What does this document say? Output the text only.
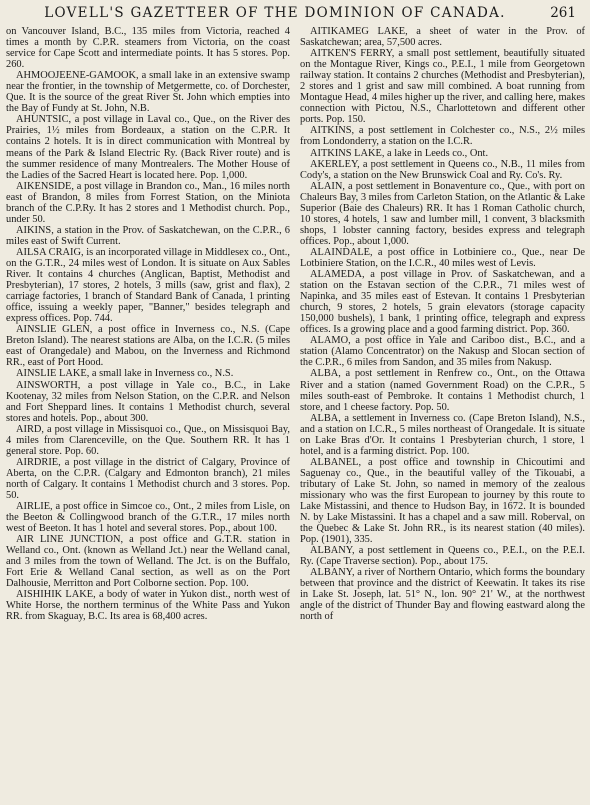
LOVELL'S GAZETTEER OF THE DOMINION OF CANADA.	261

on Vancouver Island, B.C., 135 miles from Victoria, reached 4 times a month by C.P.R. steamers from Victoria, on the coast service for Cape Scott and intermediate points. It has 5 stores. Pop. 260.

AHMOOJEENE-GAMOOK, a small lake in an extensive swamp near the frontier, in the township of Metgermette, co. of Dorchester, Que. It is the source of the great River St. John which empties into the Bay of Fundy at St. John, N.B.

AHUNTSIC, a post village in Laval co., Que., on the River des Prairies, 1½ miles from Bordeaux, a station on the C.P.R. It contains 2 hotels. It is in direct communication with Montreal by means of the Park & Island Electric Ry. (Back River route) and is the summer residence of many Montrealers. The Mother House of the Ladies of the Sacred Heart is located here. Pop. 1,000.

AIKENSIDE, a post village in Brandon co., Man., 16 miles north east of Brandon, 8 miles from Forrest Station, on the Miniota branch of the C.P.Ry. It has 2 stores and 1 Methodist church. Pop., under 50.

AIKINS, a station in the Prov. of Saskatchewan, on the C.P.R., 6 miles east of Swift Current.

AILSA CRAIG, is an incorporated village in Middlesex co., Ont., on the G.T.R., 24 miles west of London. It is situate on Aux Sables River. It contains 4 churches (Anglican, Baptist, Methodist and Presbyterian), 17 stores, 2 hotels, 3 mills (saw, grist and flax), 2 carriage factories, 1 branch of Standard Bank of Canada, 1 printing office, issuing a weekly paper, "Banner," besides telegraph and express offices. Pop. 744.

AINSLIE GLEN, a post office in Inverness co., N.S. (Cape Breton Island). The nearest stations are Alba, on the I.C.R. (5 miles east of Orangedale) and Mabou, on the Inverness and Richmond RR., east of Port Hood.

AINSLIE LAKE, a small lake in Inverness co., N.S.

AINSWORTH, a post village in Yale co., B.C., in Lake Kootenay, 32 miles from Nelson Station, on the C.P.R. and Nelson and Fort Sheppard lines. It contains 1 Methodist church, several stores and hotels. Pop., about 300.

AIRD, a post village in Missisquoi co., Que., on Missisquoi Bay, 4 miles from Clarenceville, on the Que. Southern RR. It has 1 general store. Pop. 60.

AIRDRIE, a post village in the district of Calgary, Province of Aberta, on the C.P.R. (Calgary and Edmonton branch), 21 miles north of Calgary. It contains 1 Methodist church and 3 stores. Pop. 50.

AIRLIE, a post office in Simcoe co., Ont., 2 miles from Lisle, on the Beeton & Collingwood branch of the G.T.R., 17 miles north west of Beeton. It has 1 hotel and several stores. Pop., about 100.

AIR LINE JUNCTION, a post office and G.T.R. station in Welland co., Ont. (known as Welland Jct.) near the Welland canal, and 3 miles from the town of Welland. The Jct. is on the Buffalo, Fort Erie & Welland Canal section, as well as on the Port Dalhousie, Merritton and Port Colborne section. Pop. 100.

AISHIHIK LAKE, a body of water in Yukon dist., north west of White Horse, the northern terminus of the White Pass and Yukon RR. from Skaguay, B.C. Its area is 68,400 acres.

AITIKAMEG LAKE, a sheet of water in the Prov. of Saskatchewan; area, 57,500 acres.

AITKEN'S FERRY, a small post settlement, beautifully situated on the Montague River, Kings co., P.E.I., 1 mile from Georgetown railway station. It contains 2 churches (Methodist and Presbyterian), 2 stores and 1 grist and saw mill combined. A boat running from Montague Head, 4 miles higher up the river, and calling here, makes connection with Pictou, N.S., Charlottetown and different other ports. Pop. 150.

AITKINS, a post settlement in Colchester co., N.S., 2½ miles from Londonderry, a station on the I.C.R.

AITKINS LAKE, a lake in Leeds co., Ont.

AKERLEY, a post settlement in Queens co., N.B., 11 miles from Cody's, a station on the New Brunswick Coal and Ry. Co's. Ry.

ALAIN, a post settlement in Bonaventure co., Que., with port on Chaleurs Bay, 3 miles from Carleton Station, on the Atlantic & Lake Superior (Baie des Chaleurs) RR. It has 1 Roman Catholic church, 10 stores, 4 hotels, 1 saw and lumber mill, 1 convent, 3 blacksmith shops, 1 lobster canning factory, besides express and telegraph offices. Pop., about 1,000.

ALAINDALE, a post office in Lotbiniere co., Que., near De Lotbiniere Station, on the I.C.R., 40 miles west of Levis.

ALAMEDA, a post village in Prov. of Saskatchewan, and a station on the Estavan section of the C.P.R., 71 miles west of Napinka, and 35 miles east of Estevan. It contains 1 Presbyterian church, 9 stores, 2 hotels, 5 grain elevators (storage capacity 150,000 bushels), 1 bank, 1 printing office, telegraph and express offices. Is a growing place and a good farming district. Pop. 360.

ALAMO, a post office in Yale and Cariboo dist., B.C., and a station (Alamo Concentrator) on the Nakusp and Slocan section of the C.P.R., 6 miles from Sandon, and 35 miles from Nakusp.

ALBA, a post settlement in Renfrew co., Ont., on the Ottawa River and a station (named Government Road) on the C.P.R., 5 miles south-east of Pembroke. It contains 1 Methodist church, 1 store, and 1 cheese factory. Pop. 50.

ALBA, a settlement in Inverness co. (Cape Breton Island), N.S., and a station on I.C.R., 5 miles northeast of Orangedale. It is situate on Lake Bras d'Or. It contains 1 Presbyterian church, 1 store, 1 hotel, and is a farming district. Pop. 100.

ALBANEL, a post office and township in Chicoutimi and Saguenay co., Que., in the beautiful valley of the Tikouabi, a tributary of Lake St. John, so named in memory of the zealous missionary who was the first European to journey by this route to Lake Mistassini, and thence to Hudson Bay, in 1672. It is bounded N. by Lake Mistassini. It has a chapel and a saw mill. Roberval, on the Quebec & Lake St. John RR., is its nearest station (40 miles). Pop. (1901), 335.

ALBANY, a post settlement in Queens co., P.E.I., on the P.E.I. Ry. (Cape Traverse section). Pop., about 175.

ALBANY, a river of Northern Ontario, which forms the boundary between that province and the district of Keewatin. It takes its rise in Lake St. Joseph, lat. 51° N., lon. 90° 21' W., at the northwest angle of the district of Thunder Bay and flowing eastward along the north of
